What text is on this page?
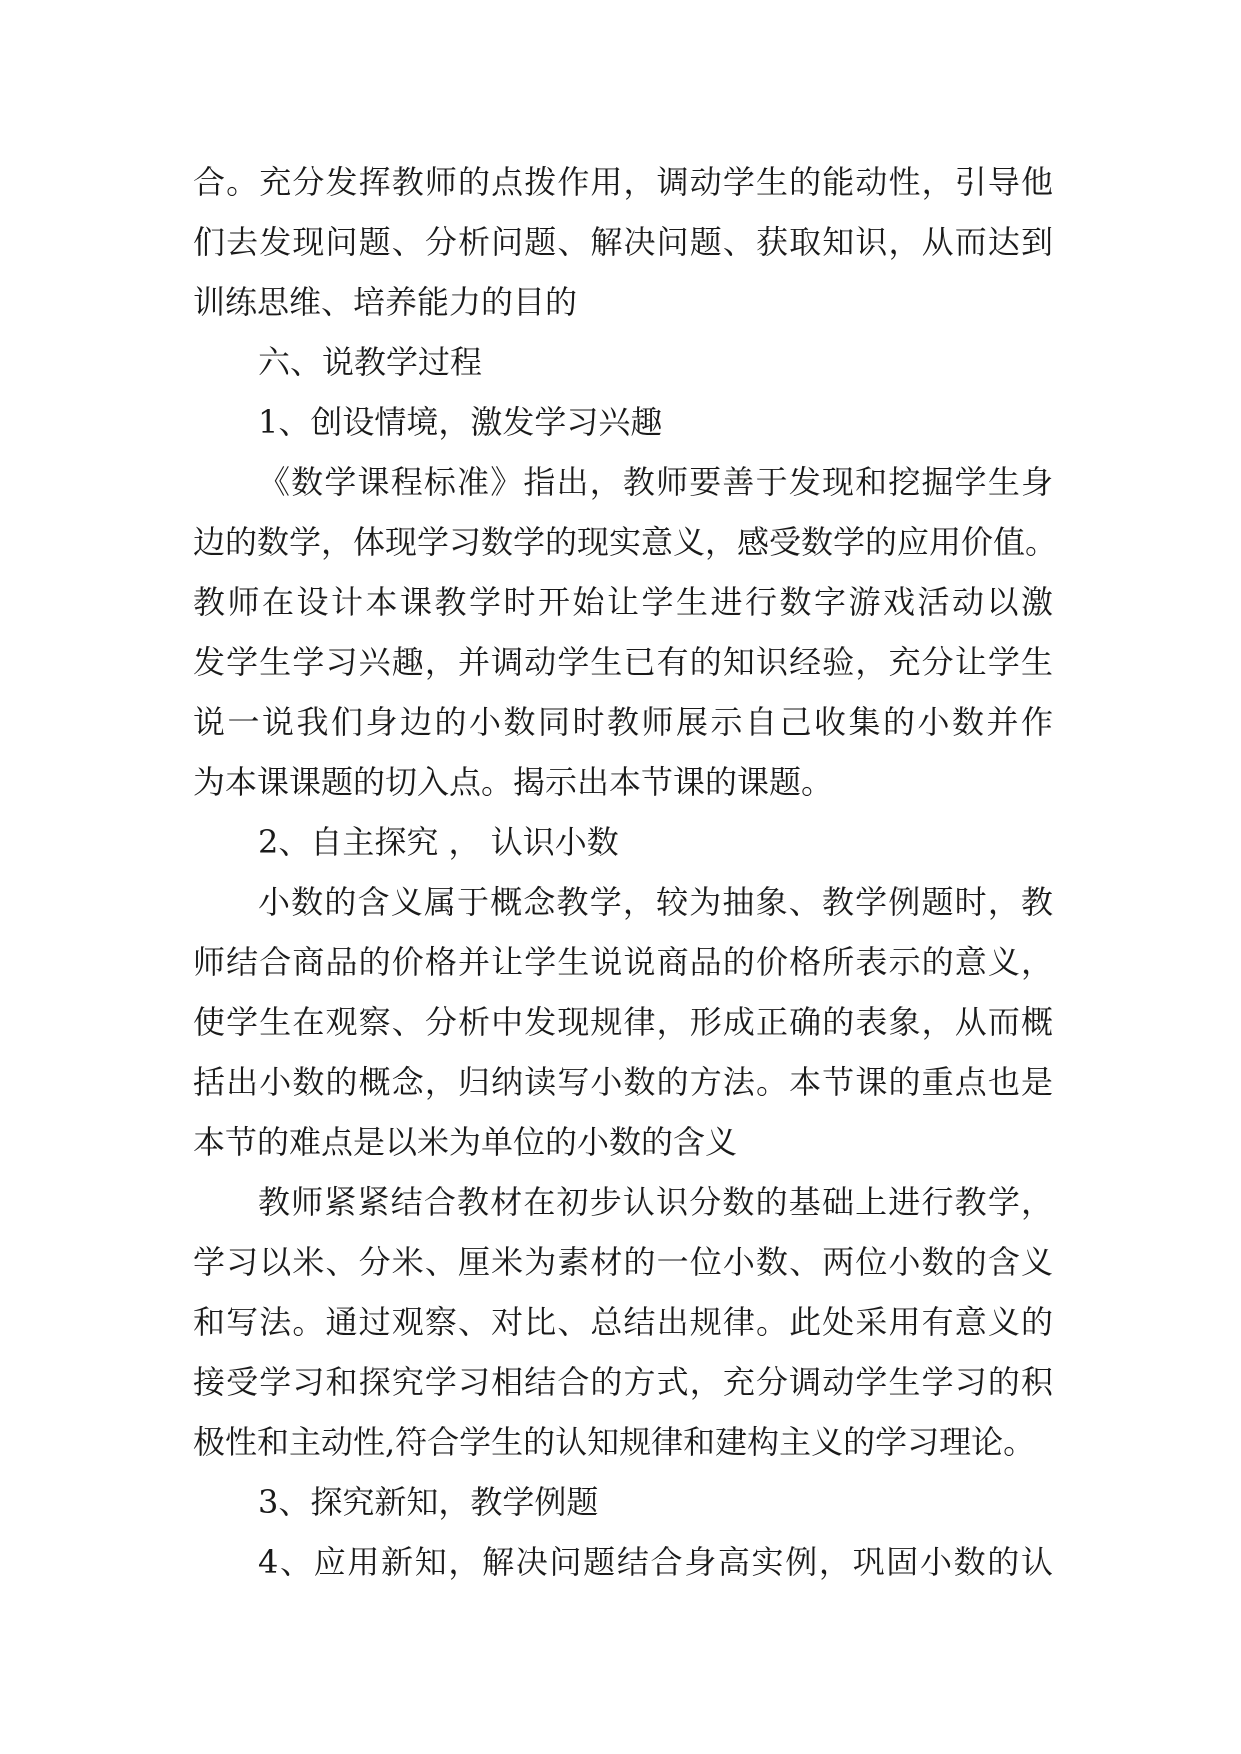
合。充分发挥教师的点拨作用，调动学生的能动性，引导他
们去发现问题、分析问题、解决问题、获取知识，从而达到
训练思维、培养能力的目的
六、说教学过程
1、创设情境，激发学习兴趣
《数学课程标准》指出，教师要善于发现和挖掘学生身
边的数学，体现学习数学的现实意义，感受数学的应用价值。
教师在设计本课教学时开始让学生进行数字游戏活动以激
发学生学习兴趣，并调动学生已有的知识经验，充分让学生
说一说我们身边的小数同时教师展示自己收集的小数并作
为本课课题的切入点。揭示出本节课的课题。
2、自主探究 ， 认识小数
小数的含义属于概念教学，较为抽象、教学例题时，教
师结合商品的价格并让学生说说商品的价格所表示的意义，
使学生在观察、分析中发现规律，形成正确的表象，从而概
括出小数的概念，归纳读写小数的方法。本节课的重点也是
本节的难点是以米为单位的小数的含义
教师紧紧结合教材在初步认识分数的基础上进行教学，
学习以米、分米、厘米为素材的一位小数、两位小数的含义
和写法。通过观察、对比、总结出规律。此处采用有意义的
接受学习和探究学习相结合的方式，充分调动学生学习的积
极性和主动性,符合学生的认知规律和建构主义的学习理论。
3、探究新知，教学例题
4、应用新知，解决问题结合身高实例，巩固小数的认
